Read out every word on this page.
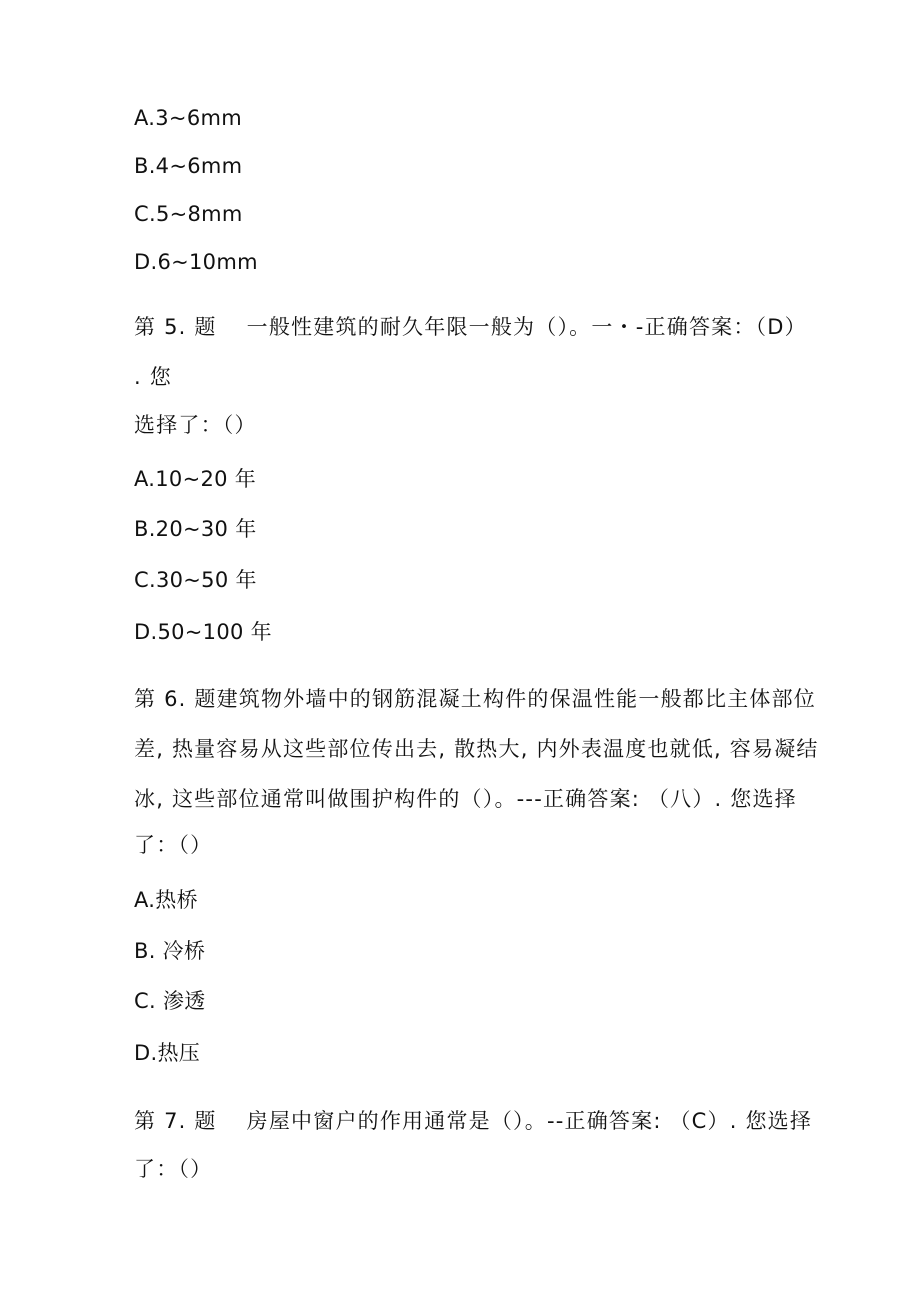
A.3~6mm
B.4~6mm
C.5~8mm
D.6~10mm
第 5. 题　 一般性建筑的耐久年限一般为（）。一・-正确答案：（D）
. 您
选择了：（）
A.10~20 年
B.20~30 年
C.30~50 年
D.50~100 年
第 6. 题建筑物外墙中的钢筋混凝土构件的保温性能一般都比主体部位
差, 热量容易从这些部位传出去, 散热大, 内外表温度也就低, 容易凝结
冰, 这些部位通常叫做围护构件的（）。---正确答案: （八）. 您选择
了：（）
A.热桥
B. 冷桥
C. 渗透
D.热压
第 7. 题　 房屋中窗户的作用通常是（）。--正确答案: （C）. 您选择
了：（）
